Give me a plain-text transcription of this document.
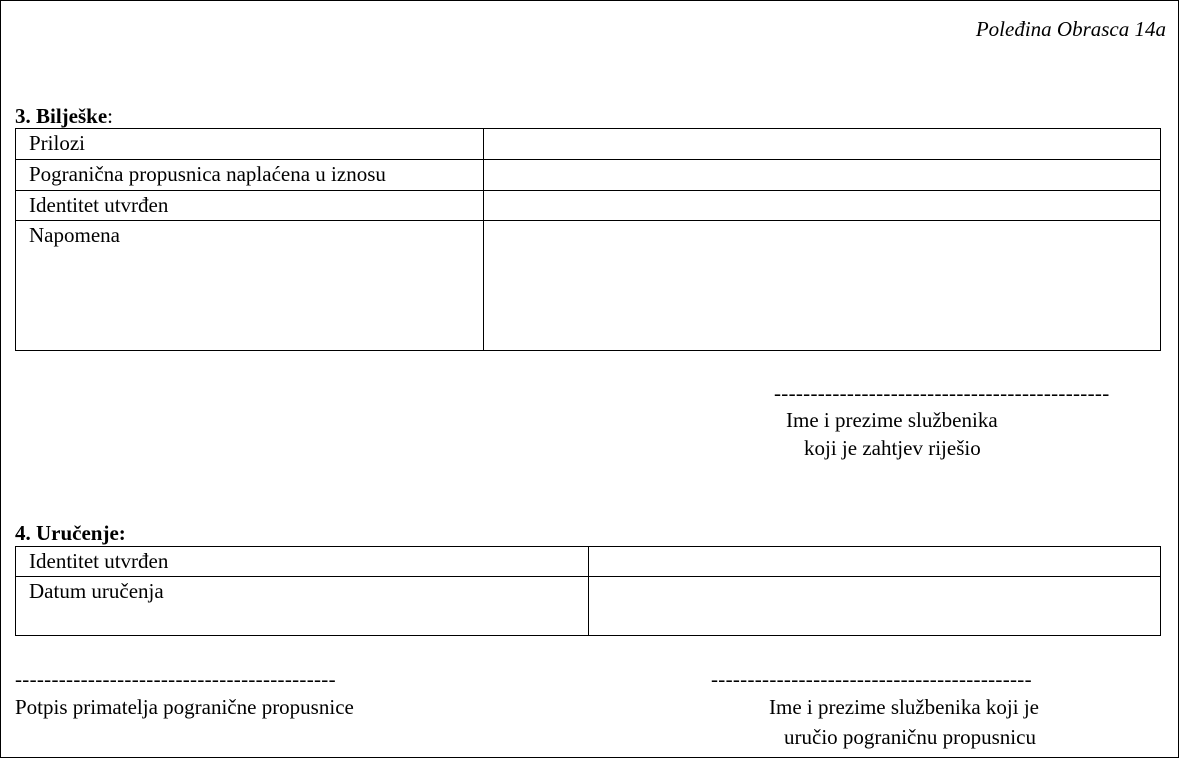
Poleđina Obrasca 14a
3. Bilješke:
Prilozi	
Pogranična propusnica naplaćena u iznosu	
Identitet utvrđen	
Napomena	
----------------------------------------------
Ime i prezime službenika
koji je zahtjev riješio
4. Uručenje:
Identitet utvrđen	
Datum uručenja	
--------------------------------------------
Potpis primatelja pogranične propusnice
--------------------------------------------
Ime i prezime službenika koji je
uručio pograničnu propusnicu
